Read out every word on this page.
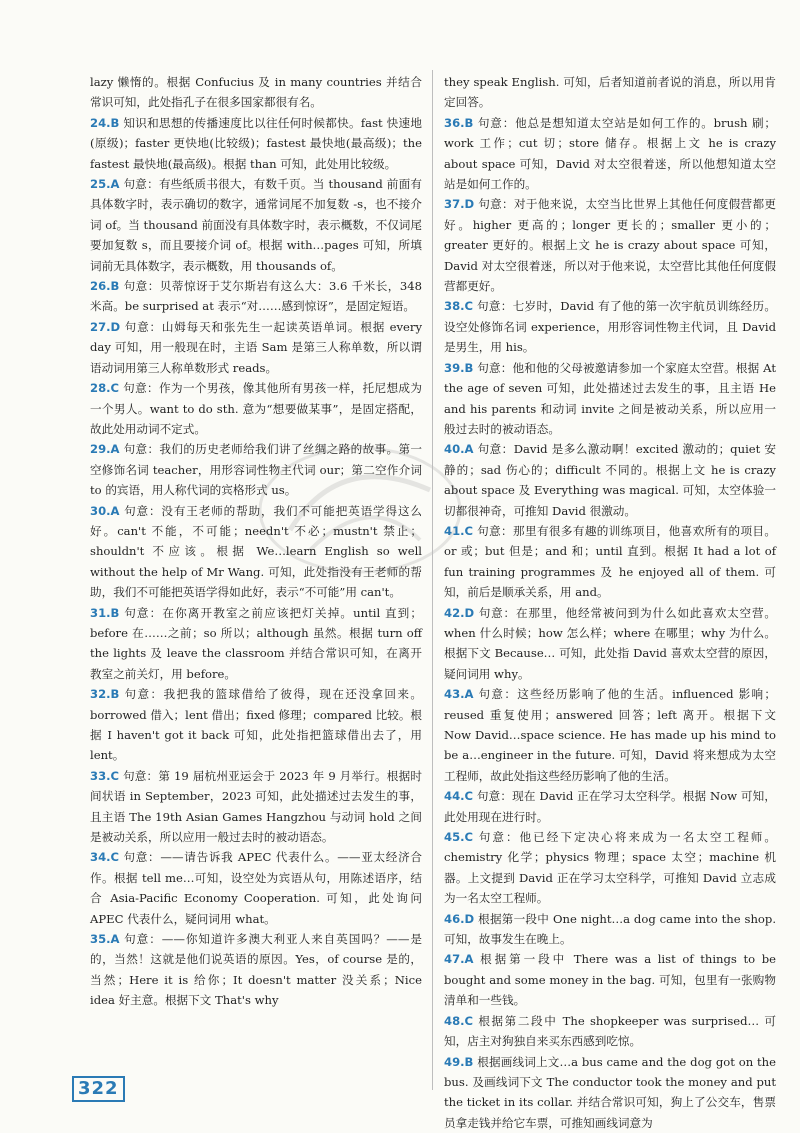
lazy 懒惰的。根据 Confucius 及 in many countries 并结合常识可知，此处指孔子在很多国家都很有名。

24.B 知识和思想的传播速度比以往任何时候都快。fast 快速地(原级)；faster 更快地(比较级)；fastest 最快地(最高级)；the fastest 最快地(最高级)。根据 than 可知，此处用比较级。

25.A 句意：有些纸质书很大，有数千页。当 thousand 前面有具体数字时，表示确切的数字，通常词尾不加复数 -s，也不接介词 of。当 thousand 前面没有具体数字时，表示概数，不仅词尾要加复数 s，而且要接介词 of。根据 with…pages 可知，所填词前无具体数字，表示概数，用 thousands of。

26.B 句意：贝蒂惊讶于艾尔斯岩有这么大：3.6 千米长，348 米高。be surprised at 表示“对……感到惊讶”，是固定短语。

27.D 句意：山姆每天和张先生一起读英语单词。根据 every day 可知，用一般现在时，主语 Sam 是第三人称单数，所以谓语动词用第三人称单数形式 reads。

28.C 句意：作为一个男孩，像其他所有男孩一样，托尼想成为一个男人。want to do sth. 意为“想要做某事”，是固定搭配，故此处用动词不定式。

29.A 句意：我们的历史老师给我们讲了丝绸之路的故事。第一空修饰名词 teacher，用形容词性物主代词 our；第二空作介词 to 的宾语，用人称代词的宾格形式 us。

30.A 句意：没有王老师的帮助，我们不可能把英语学得这么好。can't 不能，不可能；needn't 不必；mustn't 禁止；shouldn't 不应该。根据 We…learn English so well without the help of Mr Wang. 可知，此处指没有王老师的帮助，我们不可能把英语学得如此好，表示“不可能”用 can't。

31.B 句意：在你离开教室之前应该把灯关掉。until 直到；before 在……之前；so 所以；although 虽然。根据 turn off the lights 及 leave the classroom 并结合常识可知，在离开教室之前关灯，用 before。

32.B 句意：我把我的篮球借给了彼得，现在还没拿回来。borrowed 借入；lent 借出；fixed 修理；compared 比较。根据 I haven't got it back 可知，此处指把篮球借出去了，用 lent。

33.C 句意：第 19 届杭州亚运会于 2023 年 9 月举行。根据时间状语 in September，2023 可知，此处描述过去发生的事，且主语 The 19th Asian Games Hangzhou 与动词 hold 之间是被动关系，所以应用一般过去时的被动语态。

34.C 句意：——请告诉我 APEC 代表什么。——亚太经济合作。根据 tell me…可知，设空处为宾语从句，用陈述语序，结合 Asia-Pacific Economy Cooperation. 可知，此处询问 APEC 代表什么，疑问词用 what。

35.A 句意：——你知道许多澳大利亚人来自英国吗？——是的，当然！这就是他们说英语的原因。Yes，of course 是的，当然；Here it is 给你；It doesn't matter 没关系；Nice idea 好主意。根据下文 That's why

they speak English. 可知，后者知道前者说的消息，所以用肯定回答。

36.B 句意：他总是想知道太空站是如何工作的。brush 刷；work 工作；cut 切；store 储存。根据上文 he is crazy about space 可知，David 对太空很着迷，所以他想知道太空站是如何工作的。

37.D 句意：对于他来说，太空当比世界上其他任何度假营都更好。higher 更高的；longer 更长的；smaller 更小的；greater 更好的。根据上文 he is crazy about space 可知，David 对太空很着迷，所以对于他来说，太空营比其他任何度假营都更好。

38.C 句意：七岁时，David 有了他的第一次宇航员训练经历。设空处修饰名词 experience，用形容词性物主代词，且 David 是男生，用 his。

39.B 句意：他和他的父母被邀请参加一个家庭太空营。根据 At the age of seven 可知，此处描述过去发生的事，且主语 He and his parents 和动词 invite 之间是被动关系，所以应用一般过去时的被动语态。

40.A 句意：David 是多么激动啊！excited 激动的；quiet 安静的；sad 伤心的；difficult 不同的。根据上文 he is crazy about space 及 Everything was magical. 可知，太空体验一切都很神奇，可推知 David 很激动。

41.C 句意：那里有很多有趣的训练项目，他喜欢所有的项目。or 或；but 但是；and 和；until 直到。根据 It had a lot of fun training programmes 及 he enjoyed all of them. 可知，前后是顺承关系，用 and。

42.D 句意：在那里，他经常被问到为什么如此喜欢太空营。when 什么时候；how 怎么样；where 在哪里；why 为什么。根据下文 Because… 可知，此处指 David 喜欢太空营的原因，疑问词用 why。

43.A 句意：这些经历影响了他的生活。influenced 影响；reused 重复使用；answered 回答；left 离开。根据下文 Now David…space science. He has made up his mind to be a…engineer in the future. 可知，David 将来想成为太空工程师，故此处指这些经历影响了他的生活。

44.C 句意：现在 David 正在学习太空科学。根据 Now 可知，此处用现在进行时。

45.C 句意：他已经下定决心将来成为一名太空工程师。chemistry 化学；physics 物理；space 太空；machine 机器。上文提到 David 正在学习太空科学，可推知 David 立志成为一名太空工程师。

46.D 根据第一段中 One night…a dog came into the shop. 可知，故事发生在晚上。

47.A 根据第一段中 There was a list of things to be bought and some money in the bag. 可知，包里有一张购物清单和一些钱。

48.C 根据第二段中 The shopkeeper was surprised… 可知，店主对狗独自来买东西感到吃惊。

49.B 根据画线词上文…a bus came and the dog got on the bus. 及画线词下文 The conductor took the money and put the ticket in its collar. 并结合常识可知，狗上了公交车，售票员拿走钱并给它车票，可推知画线词意为

322
